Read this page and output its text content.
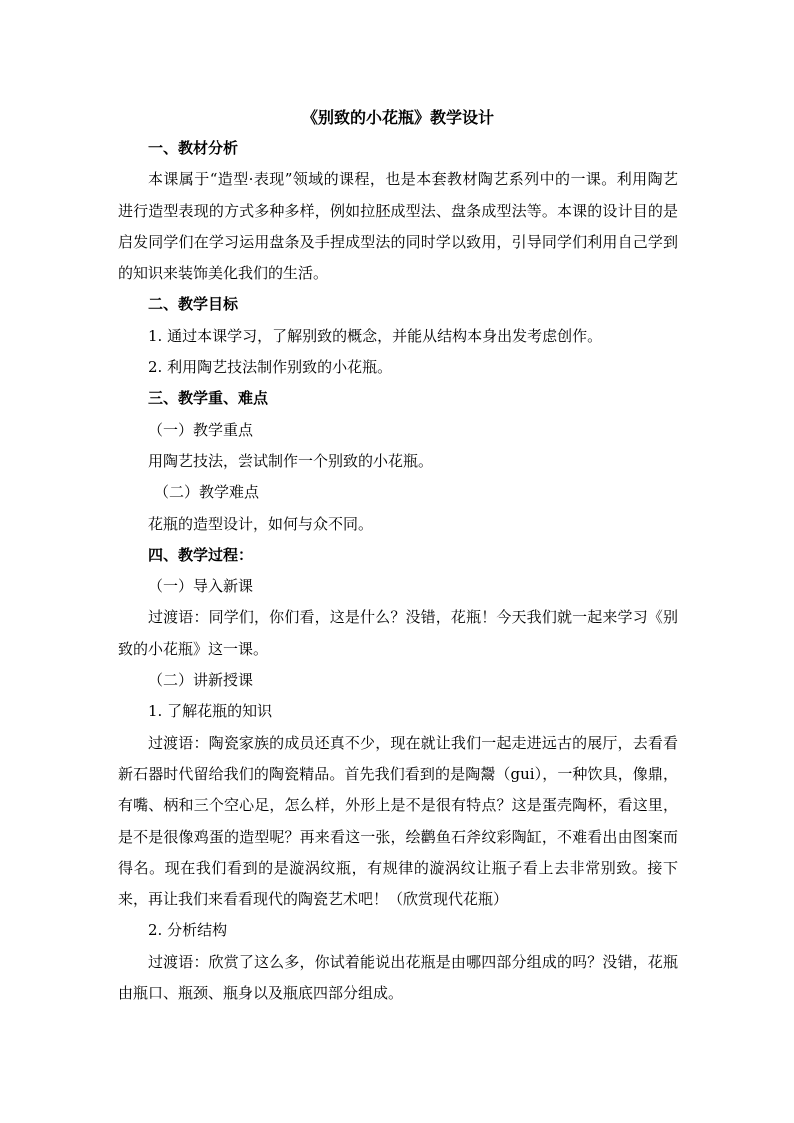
《别致的小花瓶》教学设计

一、教材分析

本课属于“造型·表现”领域的课程，也是本套教材陶艺系列中的一课。利用陶艺进行造型表现的方式多种多样，例如拉胚成型法、盘条成型法等。本课的设计目的是启发同学们在学习运用盘条及手捏成型法的同时学以致用，引导同学们利用自己学到的知识来装饰美化我们的生活。

二、教学目标

1. 通过本课学习，了解别致的概念，并能从结构本身出发考虑创作。

2. 利用陶艺技法制作别致的小花瓶。

三、教学重、难点

（一）教学重点

用陶艺技法，尝试制作一个别致的小花瓶。

（二）教学难点

花瓶的造型设计，如何与众不同。

四、教学过程：

（一）导入新课

过渡语：同学们，你们看，这是什么？没错，花瓶！今天我们就一起来学习《别致的小花瓶》这一课。

（二）讲新授课

1. 了解花瓶的知识

过渡语：陶瓷家族的成员还真不少，现在就让我们一起走进远古的展厅，去看看新石器时代留给我们的陶瓷精品。首先我们看到的是陶鬶（gui），一种饮具，像鼎，有嘴、柄和三个空心足，怎么样，外形上是不是很有特点？这是蛋壳陶杯，看这里，是不是很像鸡蛋的造型呢？再来看这一张，绘鹳鱼石斧纹彩陶缸，不难看出由图案而得名。现在我们看到的是漩涡纹瓶，有规律的漩涡纹让瓶子看上去非常别致。接下来，再让我们来看看现代的陶瓷艺术吧！（欣赏现代花瓶）

2. 分析结构

过渡语：欣赏了这么多，你试着能说出花瓶是由哪四部分组成的吗？没错，花瓶由瓶口、瓶颈、瓶身以及瓶底四部分组成。
